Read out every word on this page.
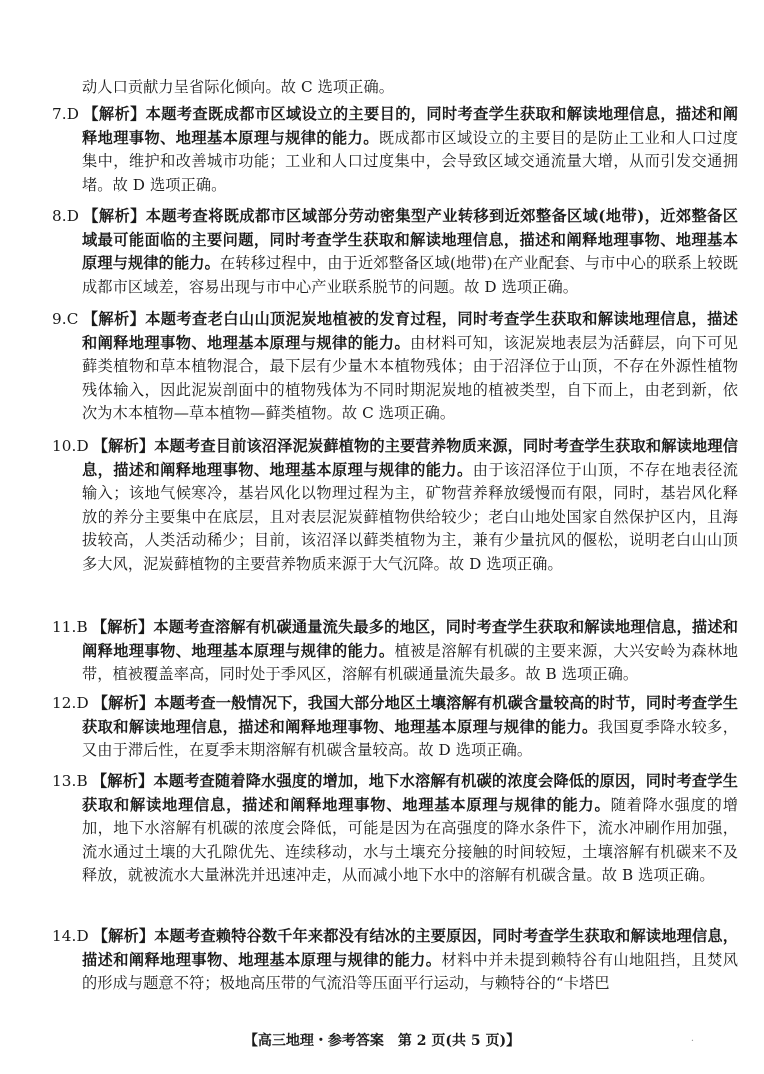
动人口贡献力呈省际化倾向。故 C 选项正确。
7.D 【解析】本题考查既成都市区域设立的主要目的，同时考查学生获取和解读地理信息，描述和阐释地理事物、地理基本原理与规律的能力。既成都市区域设立的主要目的是防止工业和人口过度集中，维护和改善城市功能；工业和人口过度集中，会导致区域交通流量大增，从而引发交通拥堵。故 D 选项正确。
8.D 【解析】本题考查将既成都市区域部分劳动密集型产业转移到近郊整备区域(地带)，近郊整备区域最可能面临的主要问题，同时考查学生获取和解读地理信息，描述和阐释地理事物、地理基本原理与规律的能力。在转移过程中，由于近郊整备区域(地带)在产业配套、与市中心的联系上较既成都市区域差，容易出现与市中心产业联系脱节的问题。故 D 选项正确。
9.C 【解析】本题考查老白山山顶泥炭地植被的发育过程，同时考查学生获取和解读地理信息，描述和阐释地理事物、地理基本原理与规律的能力。由材料可知，该泥炭地表层为活藓层，向下可见藓类植物和草本植物混合，最下层有少量木本植物残体；由于沼泽位于山顶，不存在外源性植物残体输入，因此泥炭剖面中的植物残体为不同时期泥炭地的植被类型，自下而上，由老到新，依次为木本植物—草本植物—藓类植物。故 C 选项正确。
10.D 【解析】本题考查目前该沼泽泥炭藓植物的主要营养物质来源，同时考查学生获取和解读地理信息，描述和阐释地理事物、地理基本原理与规律的能力。由于该沼泽位于山顶，不存在地表径流输入；该地气候寒冷，基岩风化以物理过程为主，矿物营养释放缓慢而有限，同时，基岩风化释放的养分主要集中在底层，且对表层泥炭藓植物供给较少；老白山地处国家自然保护区内，且海拔较高，人类活动稀少；目前，该沼泽以藓类植物为主，兼有少量抗风的偃松，说明老白山山顶多大风，泥炭藓植物的主要营养物质来源于大气沉降。故 D 选项正确。
11.B 【解析】本题考查溶解有机碳通量流失最多的地区，同时考查学生获取和解读地理信息，描述和阐释地理事物、地理基本原理与规律的能力。植被是溶解有机碳的主要来源，大兴安岭为森林地带，植被覆盖率高，同时处于季风区，溶解有机碳通量流失最多。故 B 选项正确。
12.D 【解析】本题考查一般情况下，我国大部分地区土壤溶解有机碳含量较高的时节，同时考查学生获取和解读地理信息，描述和阐释地理事物、地理基本原理与规律的能力。我国夏季降水较多，又由于滞后性，在夏季末期溶解有机碳含量较高。故 D 选项正确。
13.B 【解析】本题考查随着降水强度的增加，地下水溶解有机碳的浓度会降低的原因，同时考查学生获取和解读地理信息，描述和阐释地理事物、地理基本原理与规律的能力。随着降水强度的增加，地下水溶解有机碳的浓度会降低，可能是因为在高强度的降水条件下，流水冲刷作用加强，流水通过土壤的大孔隙优先、连续移动，水与土壤充分接触的时间较短，土壤溶解有机碳来不及释放，就被流水大量淋洗并迅速冲走，从而减小地下水中的溶解有机碳含量。故 B 选项正确。
14.D 【解析】本题考查赖特谷数千年来都没有结冰的主要原因，同时考查学生获取和解读地理信息，描述和阐释地理事物、地理基本原理与规律的能力。材料中并未提到赖特谷有山地阻挡，且焚风的形成与题意不符；极地高压带的气流沿等压面平行运动，与赖特谷的“卡塔巴
【高三地理・参考答案　第 2 页(共 5 页)】	·
